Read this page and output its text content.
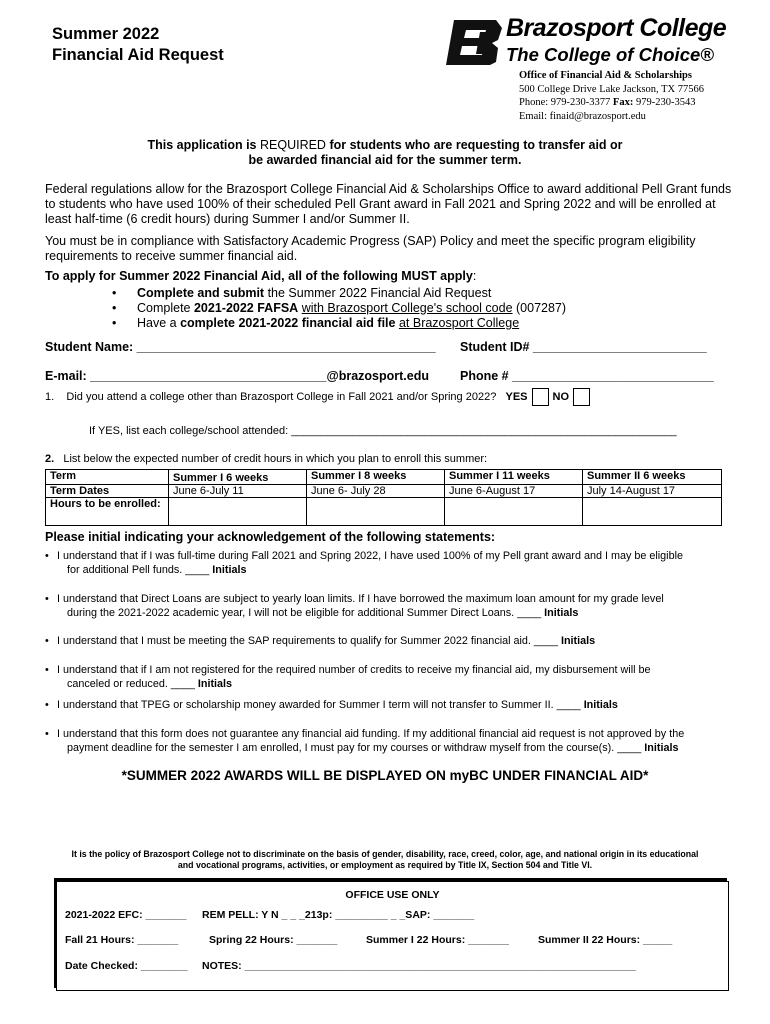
Summer 2022
Financial Aid Request
Brazosport College
The College of Choice®
Office of Financial Aid & Scholarships
500 College Drive Lake Jackson, TX 77566
Phone: 979-230-3377 Fax: 979-230-3543
Email: finaid@brazosport.edu
This application is REQUIRED for students who are requesting to transfer aid or
be awarded financial aid for the summer term.
Federal regulations allow for the Brazosport College Financial Aid & Scholarships Office to award additional Pell Grant funds to students who have used 100% of their scheduled Pell Grant award in Fall 2021 and Spring 2022 and will be enrolled at least half-time (6 credit hours) during Summer I and/or Summer II.
You must be in compliance with Satisfactory Academic Progress (SAP) Policy and meet the specific program eligibility requirements to receive summer financial aid.
To apply for Summer 2022 Financial Aid, all of the following MUST apply:
• Complete and submit the Summer 2022 Financial Aid Request
• Complete 2021-2022 FAFSA with Brazosport College's school code (007287)
• Have a complete 2021-2022 financial aid file at Brazosport College
Student Name: ___________________________________________ Student ID# _________________________
E-mail: __________________________________@brazosport.edu Phone # _____________________________
1. Did you attend a college other than Brazosport College in Fall 2021 and/or Spring 2022? YES NO
If YES, list each college/school attended: _______________________________________________________________
2. List below the expected number of credit hours in which you plan to enroll this summer:
Term	Summer I 6 weeks	Summer I 8 weeks	Summer I 11 weeks	Summer II 6 weeks
Term Dates	June 6-July 11	June 6- July 28	June 6-August 17	July 14-August 17
Hours to be enrolled:				
Please initial indicating your acknowledgement of the following statements:
• I understand that if I was full-time during Fall 2021 and Spring 2022, I have used 100% of my Pell grant award and I may be eligible
for additional Pell funds. ____ Initials
• I understand that Direct Loans are subject to yearly loan limits. If I have borrowed the maximum loan amount for my grade level
during the 2021-2022 academic year, I will not be eligible for additional Summer Direct Loans. ____ Initials
• I understand that I must be meeting the SAP requirements to qualify for Summer 2022 financial aid. ____ Initials
• I understand that if I am not registered for the required number of credits to receive my financial aid, my disbursement will be
canceled or reduced. ____ Initials
• I understand that TPEG or scholarship money awarded for Summer I term will not transfer to Summer II. ____ Initials
• I understand that this form does not guarantee any financial aid funding. If my additional financial aid request is not approved by the
payment deadline for the semester I am enrolled, I must pay for my courses or withdraw myself from the course(s). ____ Initials
*SUMMER 2022 AWARDS WILL BE DISPLAYED ON myBC UNDER FINANCIAL AID*
It is the policy of Brazosport College not to discriminate on the basis of gender, disability, race, creed, color, age, and national origin in its educational
and vocational programs, activities, or employment as required by Title IX, Section 504 and Title VI.
OFFICE USE ONLY
2021-2022 EFC: _______ REM PELL: Y N _ _ _213p: _________ _ _SAP: _______
Fall 21 Hours: _______	Spring 22 Hours: _______	Summer I 22 Hours: _______	Summer II 22 Hours: _____
Date Checked: ________ NOTES: ___________________________________________________________________
